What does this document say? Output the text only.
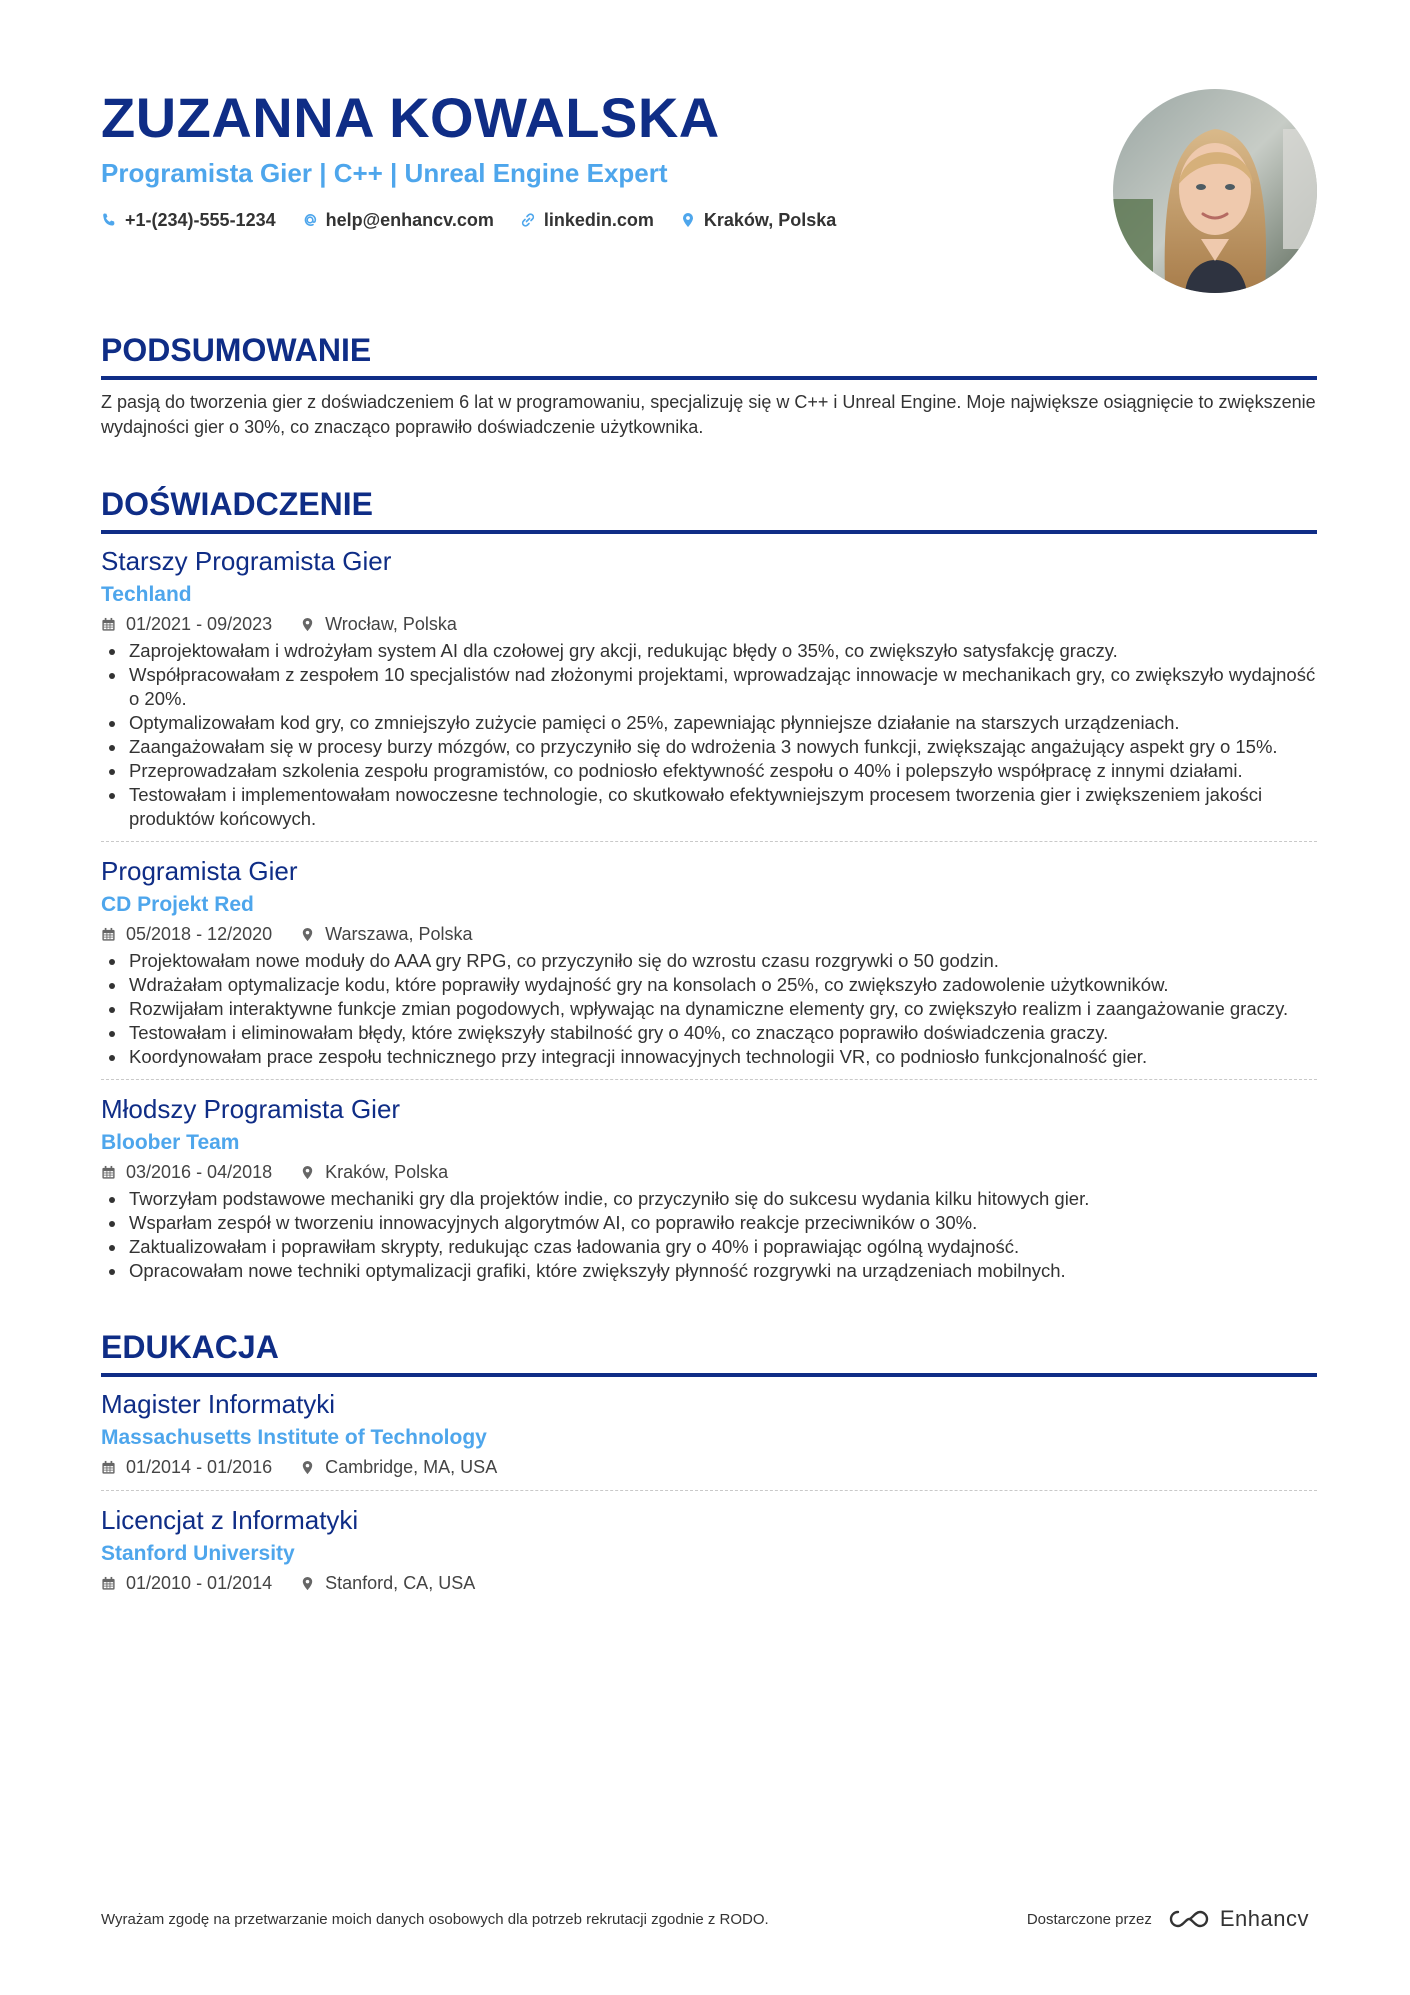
ZUZANNA KOWALSKA
Programista Gier | C++ | Unreal Engine Expert
+1-(234)-555-1234	help@enhancv.com	linkedin.com	Kraków, Polska
PODSUMOWANIE

Z pasją do tworzenia gier z doświadczeniem 6 lat w programowaniu, specjalizuję się w C++ i Unreal Engine. Moje największe osiągnięcie to zwiększenie wydajności gier o 30%, co znacząco poprawiło doświadczenie użytkownika.

DOŚWIADCZENIE
Starszy Programista Gier
Techland
01/2021 - 09/2023	Wrocław, Polska
• Zaprojektowałam i wdrożyłam system AI dla czołowej gry akcji, redukując błędy o 35%, co zwiększyło satysfakcję graczy.
• Współpracowałam z zespołem 10 specjalistów nad złożonymi projektami, wprowadzając innowacje w mechanikach gry, co zwiększyło wydajność o 20%.
• Optymalizowałam kod gry, co zmniejszyło zużycie pamięci o 25%, zapewniając płynniejsze działanie na starszych urządzeniach.
• Zaangażowałam się w procesy burzy mózgów, co przyczyniło się do wdrożenia 3 nowych funkcji, zwiększając angażujący aspekt gry o 15%.
• Przeprowadzałam szkolenia zespołu programistów, co podniosło efektywność zespołu o 40% i polepszyło współpracę z innymi działami.
• Testowałam i implementowałam nowoczesne technologie, co skutkowało efektywniejszym procesem tworzenia gier i zwiększeniem jakości produktów końcowych.
Programista Gier
CD Projekt Red
05/2018 - 12/2020	Warszawa, Polska
• Projektowałam nowe moduły do AAA gry RPG, co przyczyniło się do wzrostu czasu rozgrywki o 50 godzin.
• Wdrażałam optymalizacje kodu, które poprawiły wydajność gry na konsolach o 25%, co zwiększyło zadowolenie użytkowników.
• Rozwijałam interaktywne funkcje zmian pogodowych, wpływając na dynamiczne elementy gry, co zwiększyło realizm i zaangażowanie graczy.
• Testowałam i eliminowałam błędy, które zwiększyły stabilność gry o 40%, co znacząco poprawiło doświadczenia graczy.
• Koordynowałam prace zespołu technicznego przy integracji innowacyjnych technologii VR, co podniosło funkcjonalność gier.
Młodszy Programista Gier
Bloober Team
03/2016 - 04/2018	Kraków, Polska
• Tworzyłam podstawowe mechaniki gry dla projektów indie, co przyczyniło się do sukcesu wydania kilku hitowych gier.
• Wsparłam zespół w tworzeniu innowacyjnych algorytmów AI, co poprawiło reakcje przeciwników o 30%.
• Zaktualizowałam i poprawiłam skrypty, redukując czas ładowania gry o 40% i poprawiając ogólną wydajność.
• Opracowałam nowe techniki optymalizacji grafiki, które zwiększyły płynność rozgrywki na urządzeniach mobilnych.
EDUKACJA
Magister Informatyki
Massachusetts Institute of Technology
01/2014 - 01/2016	Cambridge, MA, USA
Licencjat z Informatyki
Stanford University
01/2010 - 01/2014	Stanford, CA, USA
Wyrażam zgodę na przetwarzanie moich danych osobowych dla potrzeb rekrutacji zgodnie z RODO.	Dostarczone przez	Enhancv
